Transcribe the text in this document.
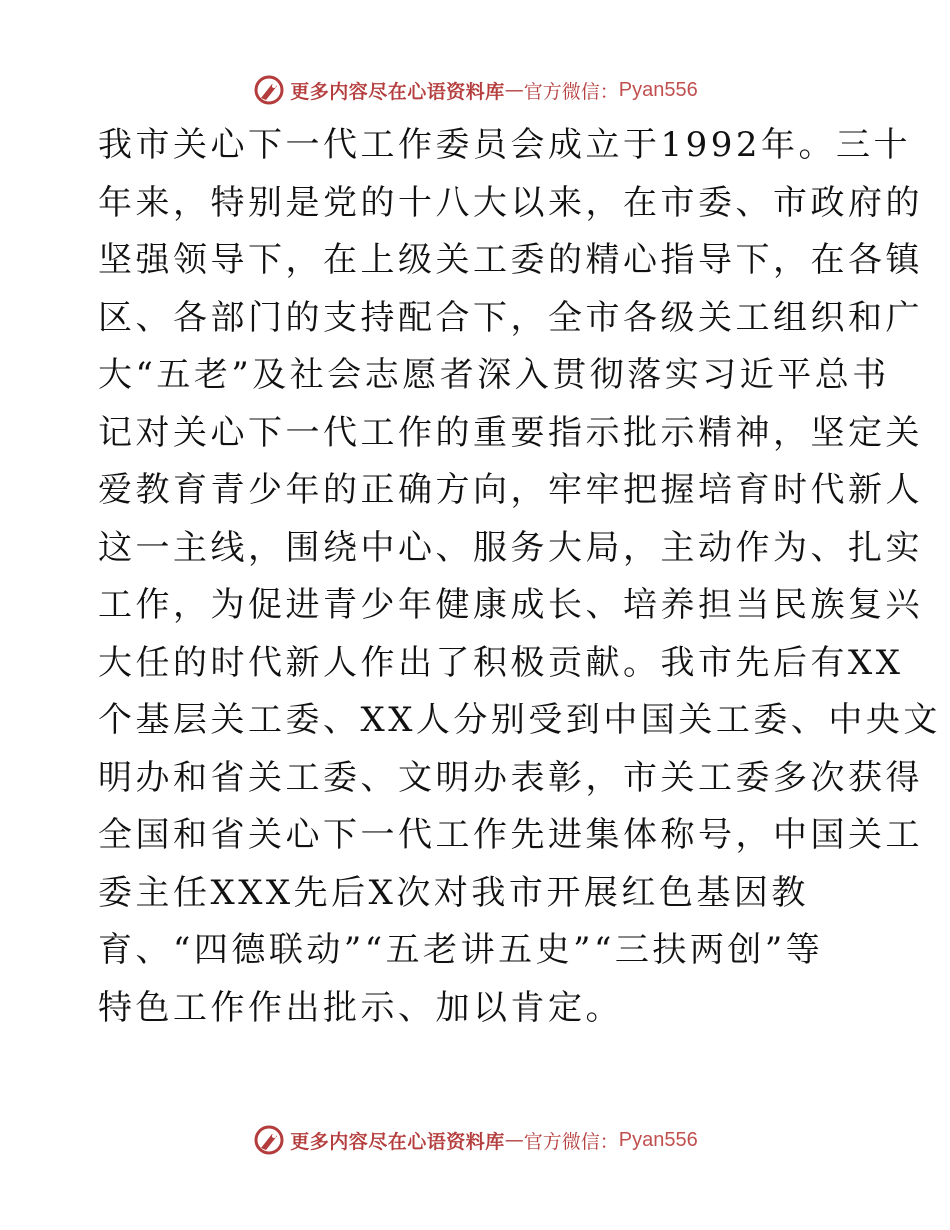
更多内容尽在心语资料库 — 官方微信： Pyan556
我市关心下一代工作委员会成立于1992年。三十
年来，特别是党的十八大以来，在市委、市政府的
坚强领导下，在上级关工委的精心指导下，在各镇
区、各部门的支持配合下，全市各级关工组织和广
大“五老”及社会志愿者深入贯彻落实习近平总书
记对关心下一代工作的重要指示批示精神，坚定关
爱教育青少年的正确方向，牢牢把握培育时代新人
这一主线，围绕中心、服务大局，主动作为、扎实
工作，为促进青少年健康成长、培养担当民族复兴
大任的时代新人作出了积极贡献。我市先后有XX
个基层关工委、XX人分别受到中国关工委、中央文
明办和省关工委、文明办表彰，市关工委多次获得
全国和省关心下一代工作先进集体称号，中国关工
委主任XXX先后X次对我市开展红色基因教
育、“四德联动”“五老讲五史”“三扶两创”等
特色工作作出批示、加以肯定。
更多内容尽在心语资料库 — 官方微信： Pyan556
